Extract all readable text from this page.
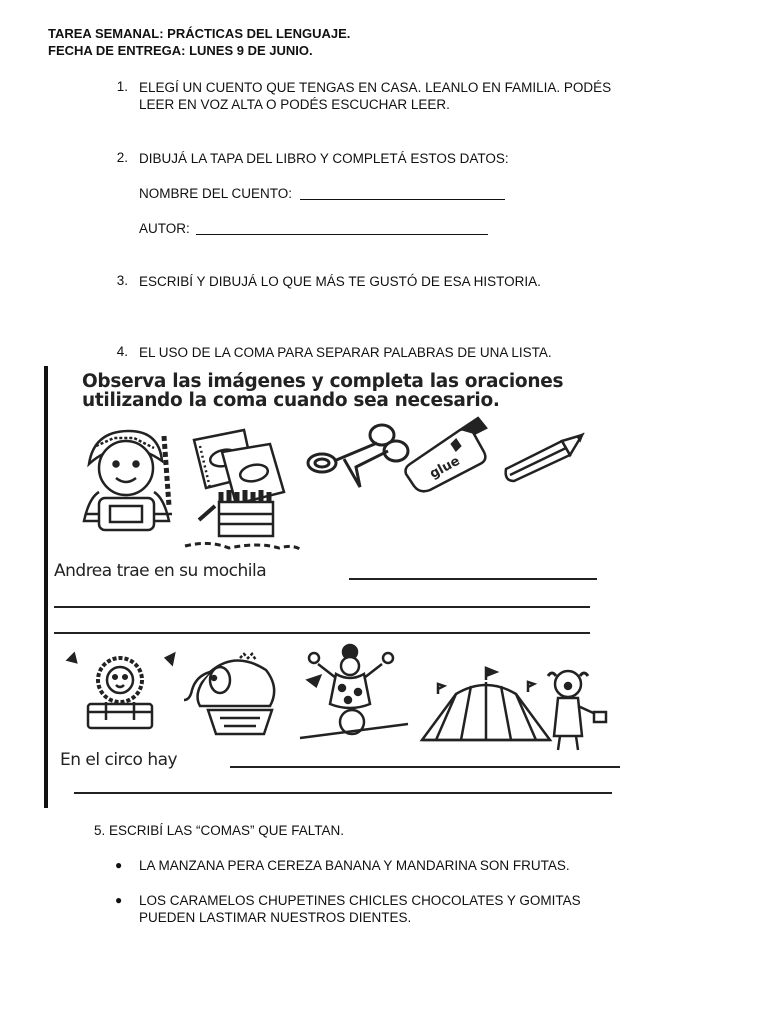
TAREA SEMANAL: PRÁCTICAS DEL LENGUAJE.
FECHA DE ENTREGA: LUNES 9 DE JUNIO.
1. ELEGÍ UN CUENTO QUE TENGAS EN CASA. LEANLO EN FAMILIA. PODÉS
LEER EN VOZ ALTA O PODÉS ESCUCHAR LEER.
2. DIBUJÁ LA TAPA DEL LIBRO Y COMPLETÁ ESTOS DATOS:
NOMBRE DEL CUENTO:
AUTOR:
3. ESCRIBÍ Y DIBUJÁ LO QUE MÁS TE GUSTÓ DE ESA HISTORIA.
4. EL USO DE LA COMA PARA SEPARAR PALABRAS DE UNA LISTA.
Observa las imágenes y completa las oraciones
utilizando la coma cuando sea necesario.
glue
Andrea trae en su mochila
En el circo hay
5. ESCRIBÍ LAS “COMAS” QUE FALTAN.
● LA MANZANA PERA CEREZA BANANA Y MANDARINA SON FRUTAS.
● LOS CARAMELOS CHUPETINES CHICLES CHOCOLATES Y GOMITAS
PUEDEN LASTIMAR NUESTROS DIENTES.
